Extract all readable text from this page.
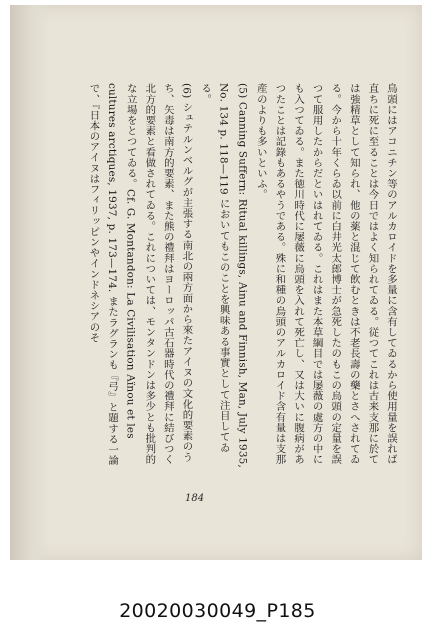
鳥頭にはアコニチン等のアルカロイドを多量に含有してゐるから使用量を誤れば直ちに死に至ることは今日ではよく知られてゐる。従つてこれは古来支那に於ては強精草として知られ、他の薬と混じて飲むときは不老長壽の藥とさへされてゐる。今から十年くらゐ以前に白井光太郎博士が急死したのもこの烏頭の定量を誤つて服用したからだといはれてゐる。これはまた本草綱目では屡薇の處方の中にも入つてゐる。また徳川時代に屡薇に烏頭を入れて死亡し、又は大いに腹病があつたことは記錄もあるやうである。殊に和種の烏頭のアルカロイド含有量は支那産のよりも多いといふ。

(5) Canning Suffern: Ritual killings, Ainu and Finnish, Man, July 1935, No. 134 p. 118—119 においてもこのことを興味ある事實として注目してゐる。

(6) シュテルンベルグが主張する南北の兩方面から來たアイヌの文化的要素のうち、矢毒は南方的要素、また熊の禮拜はヨーロッパ古石器時代の禮拜に結びつく北方的要素と看做されてゐる。これについては、モンタンドンは多少とも批判的な立場をとつてゐる。Cf. G. Montandon: La Civilisation Aïnou et les cultures arctiques, 1937, p. 173—174. またラグランも『弓』と題する一論で、『日本のアイヌはフィリッピンやインドネシアのそ

184
20020030049_P185
